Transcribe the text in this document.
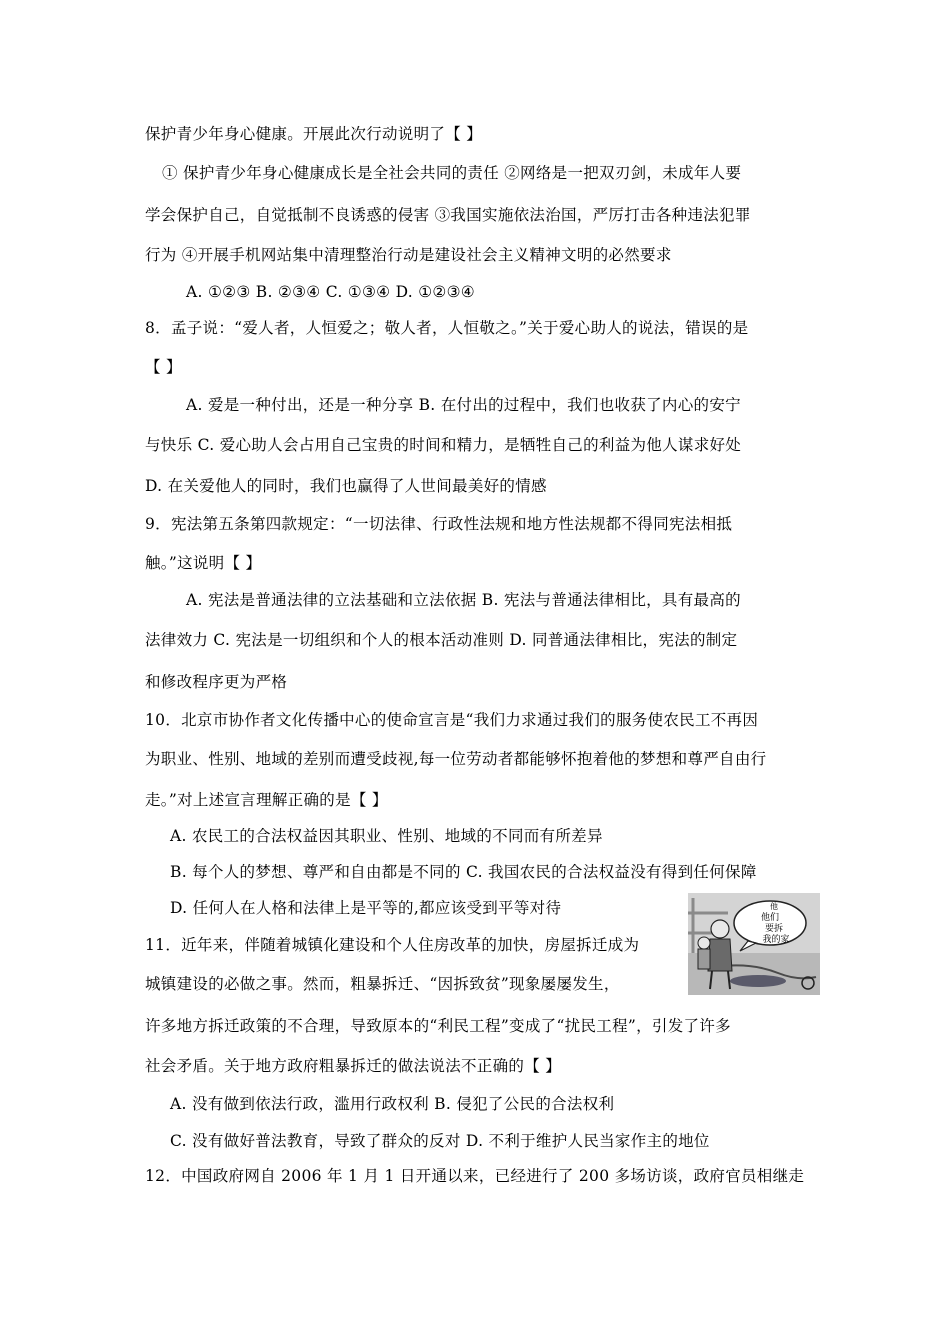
保护青少年身心健康。开展此次行动说明了【 】
① 保护青少年身心健康成长是全社会共同的责任 ②网络是一把双刃剑，未成年人要
学会保护自己，自觉抵制不良诱惑的侵害 ③我国实施依法治国，严厉打击各种违法犯罪
行为 ④开展手机网站集中清理整治行动是建设社会主义精神文明的必然要求
A. ①②③ B. ②③④ C. ①③④ D. ①②③④
8．孟子说：“爱人者，人恒爱之；敬人者，人恒敬之。”关于爱心助人的说法，错误的是
【 】
A. 爱是一种付出，还是一种分享 B. 在付出的过程中，我们也收获了内心的安宁
与快乐 C. 爱心助人会占用自己宝贵的时间和精力，是牺牲自己的利益为他人谋求好处
D. 在关爱他人的同时，我们也赢得了人世间最美好的情感
9．宪法第五条第四款规定：“一切法律、行政性法规和地方性法规都不得同宪法相抵
触。”这说明【 】
A. 宪法是普通法律的立法基础和立法依据 B. 宪法与普通法律相比，具有最高的
法律效力 C. 宪法是一切组织和个人的根本活动准则 D. 同普通法律相比，宪法的制定
和修改程序更为严格
10．北京市协作者文化传播中心的使命宣言是“我们力求通过我们的服务使农民工不再因
为职业、性别、地域的差别而遭受歧视,每一位劳动者都能够怀抱着他的梦想和尊严自由行
走。”对上述宣言理解正确的是【 】
A. 农民工的合法权益因其职业、性别、地域的不同而有所差异
B. 每个人的梦想、尊严和自由都是不同的 C. 我国农民的合法权益没有得到任何保障
D. 任何人在人格和法律上是平等的,都应该受到平等对待
11．近年来，伴随着城镇化建设和个人住房改革的加快，房屋拆迁成为
城镇建设的必做之事。然而，粗暴拆迁、“因拆致贫”现象屡屡发生，
许多地方拆迁政策的不合理，导致原本的“利民工程”变成了“扰民工程”，引发了许多
社会矛盾。关于地方政府粗暴拆迁的做法说法不正确的【 】
A. 没有做到依法行政，滥用行政权利 B. 侵犯了公民的合法权利
C. 没有做好普法教育，导致了群众的反对 D. 不利于维护人民当家作主的地位
12．中国政府网自 2006 年 1 月 1 日开通以来，已经进行了 200 多场访谈，政府官员相继走
他
他们
要拆
我的家
